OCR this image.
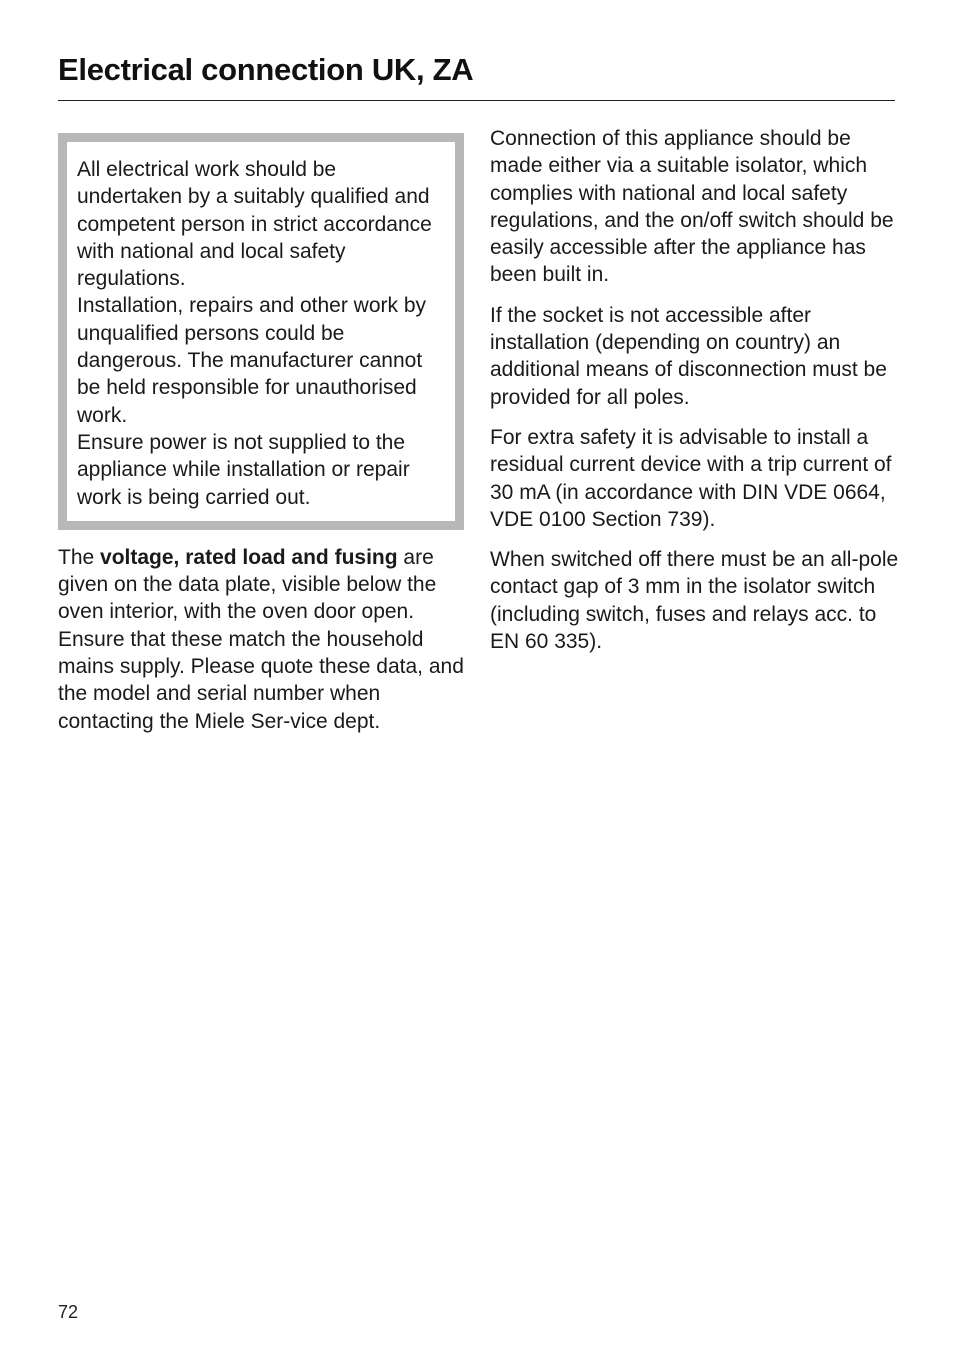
Electrical connection UK, ZA

All electrical work should be undertaken by a suitably qualified and competent person in strict accordance with national and local safety regulations.

Installation, repairs and other work by unqualified persons could be dangerous. The manufacturer cannot be held responsible for unauthorised work.

Ensure power is not supplied to the appliance while installation or repair work is being carried out.

The voltage, rated load and fusing are given on the data plate, visible below the oven interior, with the oven door open. Ensure that these match the household mains supply. Please quote these data, and the model and serial number when contacting the Miele Ser-vice dept.

Connection of this appliance should be made either via a suitable isolator, which complies with national and local safety regulations, and the on/off switch should be easily accessible after the appliance has been built in.

If the socket is not accessible after installation (depending on country) an additional means of disconnection must be provided for all poles.

For extra safety it is advisable to install a residual current device with a trip current of 30 mA (in accordance with DIN VDE 0664, VDE 0100 Section 739).

When switched off there must be an all-pole contact gap of 3 mm in the isolator switch (including switch, fuses and relays acc. to EN 60 335).

72
